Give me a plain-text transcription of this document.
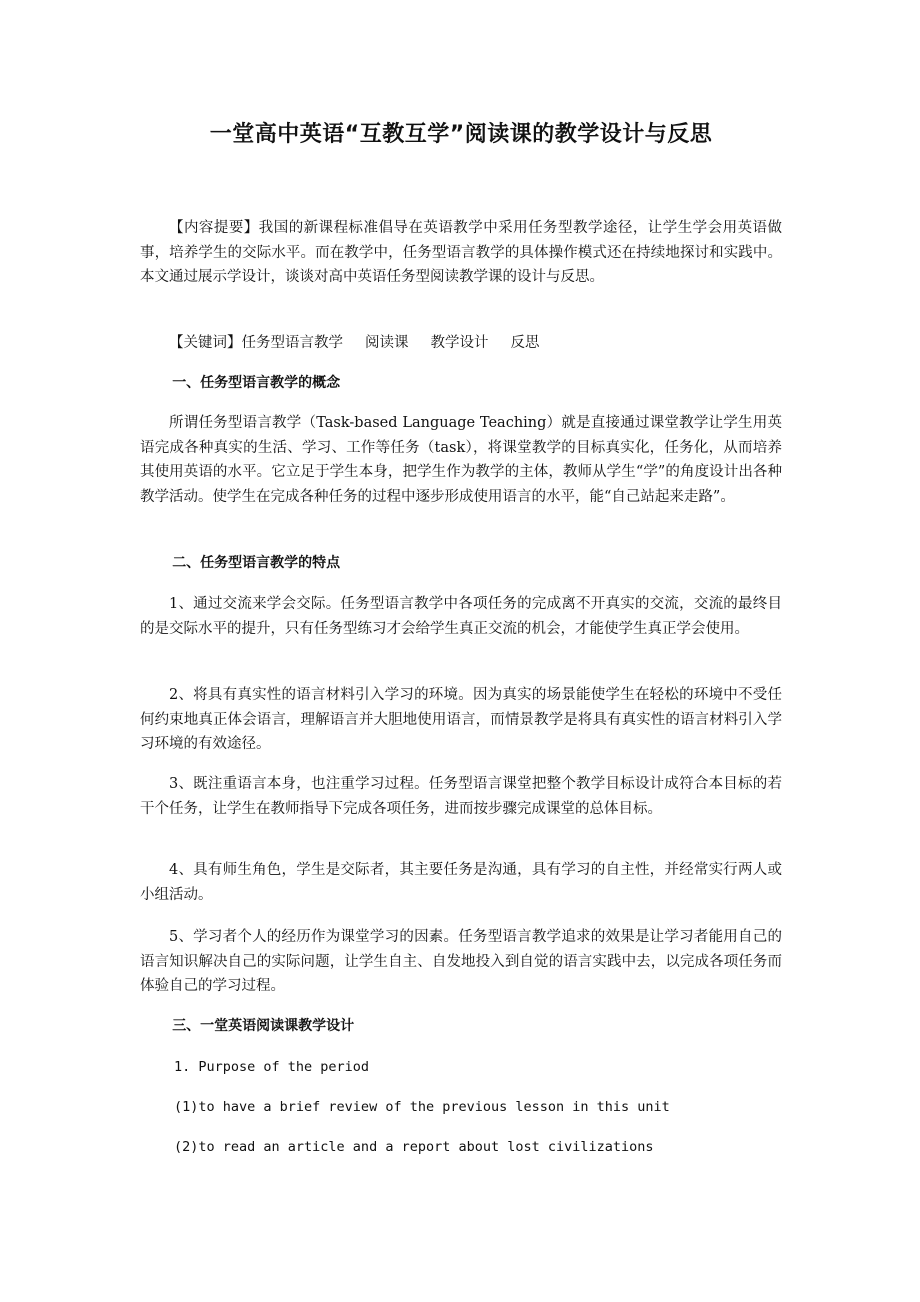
一堂高中英语“互教互学”阅读课的教学设计与反思

【内容提要】我国的新课程标准倡导在英语教学中采用任务型教学途径，让学生学会用英语做事，培养学生的交际水平。而在教学中，任务型语言教学的具体操作模式还在持续地探讨和实践中。本文通过展示学设计，谈谈对高中英语任务型阅读教学课的设计与反思。

【关键词】任务型语言教学 阅读课 教学设计 反思

一、任务型语言教学的概念

所谓任务型语言教学（Task-based Language Teaching）就是直接通过课堂教学让学生用英语完成各种真实的生活、学习、工作等任务（task），将课堂教学的目标真实化，任务化，从而培养其使用英语的水平。它立足于学生本身，把学生作为教学的主体，教师从学生“学”的角度设计出各种教学活动。使学生在完成各种任务的过程中逐步形成使用语言的水平，能“自己站起来走路”。

二、任务型语言教学的特点

1、通过交流来学会交际。任务型语言教学中各项任务的完成离不开真实的交流，交流的最终目的是交际水平的提升，只有任务型练习才会给学生真正交流的机会，才能使学生真正学会使用。

2、将具有真实性的语言材料引入学习的环境。因为真实的场景能使学生在轻松的环境中不受任何约束地真正体会语言，理解语言并大胆地使用语言，而情景教学是将具有真实性的语言材料引入学习环境的有效途径。

3、既注重语言本身，也注重学习过程。任务型语言课堂把整个教学目标设计成符合本目标的若干个任务，让学生在教师指导下完成各项任务，进而按步骤完成课堂的总体目标。

4、具有师生角色，学生是交际者，其主要任务是沟通，具有学习的自主性，并经常实行两人或小组活动。

5、学习者个人的经历作为课堂学习的因素。任务型语言教学追求的效果是让学习者能用自己的语言知识解决自己的实际问题，让学生自主、自发地投入到自觉的语言实践中去，以完成各项任务而体验自己的学习过程。

三、一堂英语阅读课教学设计

1. Purpose of the period

(1)to have a brief review of the previous lesson in this unit

(2)to read an article and a report about lost civilizations
